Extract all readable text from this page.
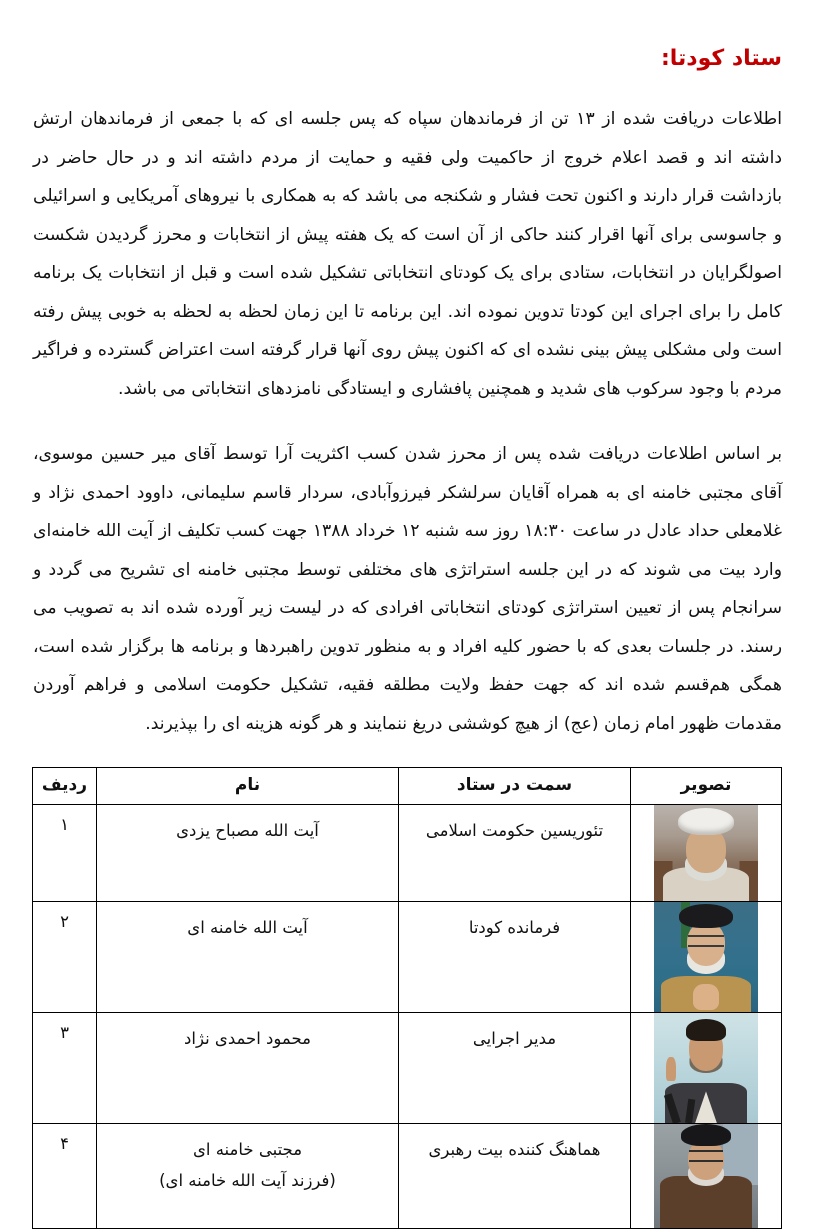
ستاد کودتا:

اطلاعات دریافت شده از ۱۳ تن از فرماندهان سپاه که پس جلسه ای که با جمعی از فرماندهان ارتش داشته اند و قصد اعلام خروج از حاکمیت ولی فقیه و حمایت از مردم داشته اند و در حال حاضر در بازداشت قرار دارند و اکنون تحت فشار و شکنجه می باشد که به همکاری با نیروهای آمریکایی و اسرائیلی و جاسوسی برای آنها اقرار کنند حاکی از آن است که یک هفته پیش از انتخابات و محرز گردیدن شکست اصولگرایان در انتخابات، ستادی برای یک کودتای انتخاباتی تشکیل شده است و قبل از انتخابات یک برنامه کامل را برای اجرای این کودتا تدوین نموده اند. این برنامه تا این زمان لحظه به لحظه به خوبی پیش رفته است ولی مشکلی پیش بینی نشده ای که اکنون پیش روی آنها قرار گرفته است اعتراض گسترده و فراگیر مردم با وجود سرکوب های شدید و همچنین پافشاری و ایستادگی نامزدهای انتخاباتی می باشد.

بر اساس اطلاعات دریافت شده پس از محرز شدن کسب اکثریت آرا توسط آقای میر حسین موسوی، آقای مجتبی خامنه ای به همراه آقایان سرلشکر فیرزوآبادی، سردار قاسم سلیمانی، داوود احمدی نژاد و غلامعلی حداد عادل در ساعت ۱۸:۳۰ روز سه شنبه ۱۲ خرداد ۱۳۸۸ جهت کسب تکلیف از آیت الله خامنه‌ای وارد بیت می شوند که در این جلسه استراتژی های مختلفی توسط مجتبی خامنه ای تشریح می گردد و سرانجام پس از تعیین استراتژی کودتای انتخاباتی افرادی که در لیست زیر آورده شده اند به تصویب می رسند. در جلسات بعدی که با حضور کلیه افراد و به منظور تدوین راهبردها و برنامه ها برگزار شده است، همگی هم‌قسم شده اند که جهت حفظ ولایت مطلقه فقیه، تشکیل حکومت اسلامی و فراهم آوردن مقدمات ظهور امام زمان (عج) از هیچ کوششی دریغ ننمایند و هر گونه هزینه ای را بپذیرند.

تصویر	سمت در ستاد	نام	ردیف

	تئوریسین حکومت اسلامی	آیت الله مصباح یزدی	۱

	فرمانده کودتا	آیت الله خامنه ای	۲

	مدیر اجرایی	محمود احمدی نژاد	۳

	هماهنگ کننده بیت رهبری	مجتبی خامنه ای
(فرزند آیت الله خامنه ای)	۴
